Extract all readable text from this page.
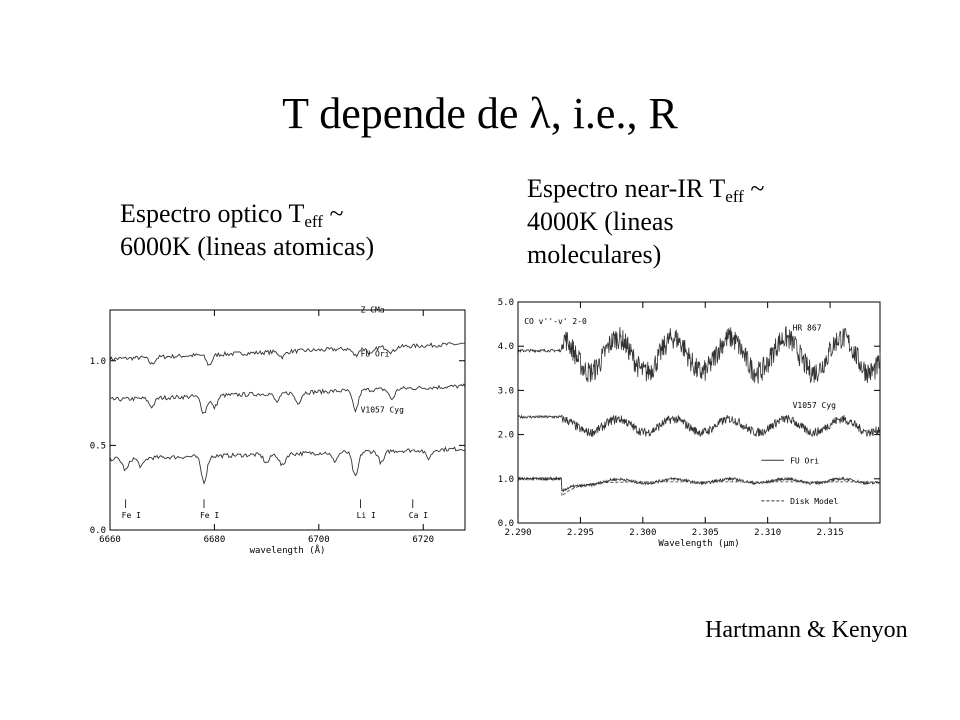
T depende de λ, i.e., R
Espectro optico $T_{eff}$ ~
6000K (lineas atomicas)
Espectro near-IR $T_{eff}$ ~
4000K (lineas
moleculares)
6660	6680	6700	6720
0.0
0.5
1.0
wavelength (Å)
Z CMa
FU Ori
V1057 Cyg
Fe I	Fe I	Li I	Ca I
2.290	2.295	2.300	2.305	2.310	2.315
0.0
1.0
2.0
3.0
4.0
5.0
Wavelength (μm)
CO v''-v' 2-0
HR 867
V1057 Cyg
FU Ori
Disk Model
Hartmann & Kenyon
